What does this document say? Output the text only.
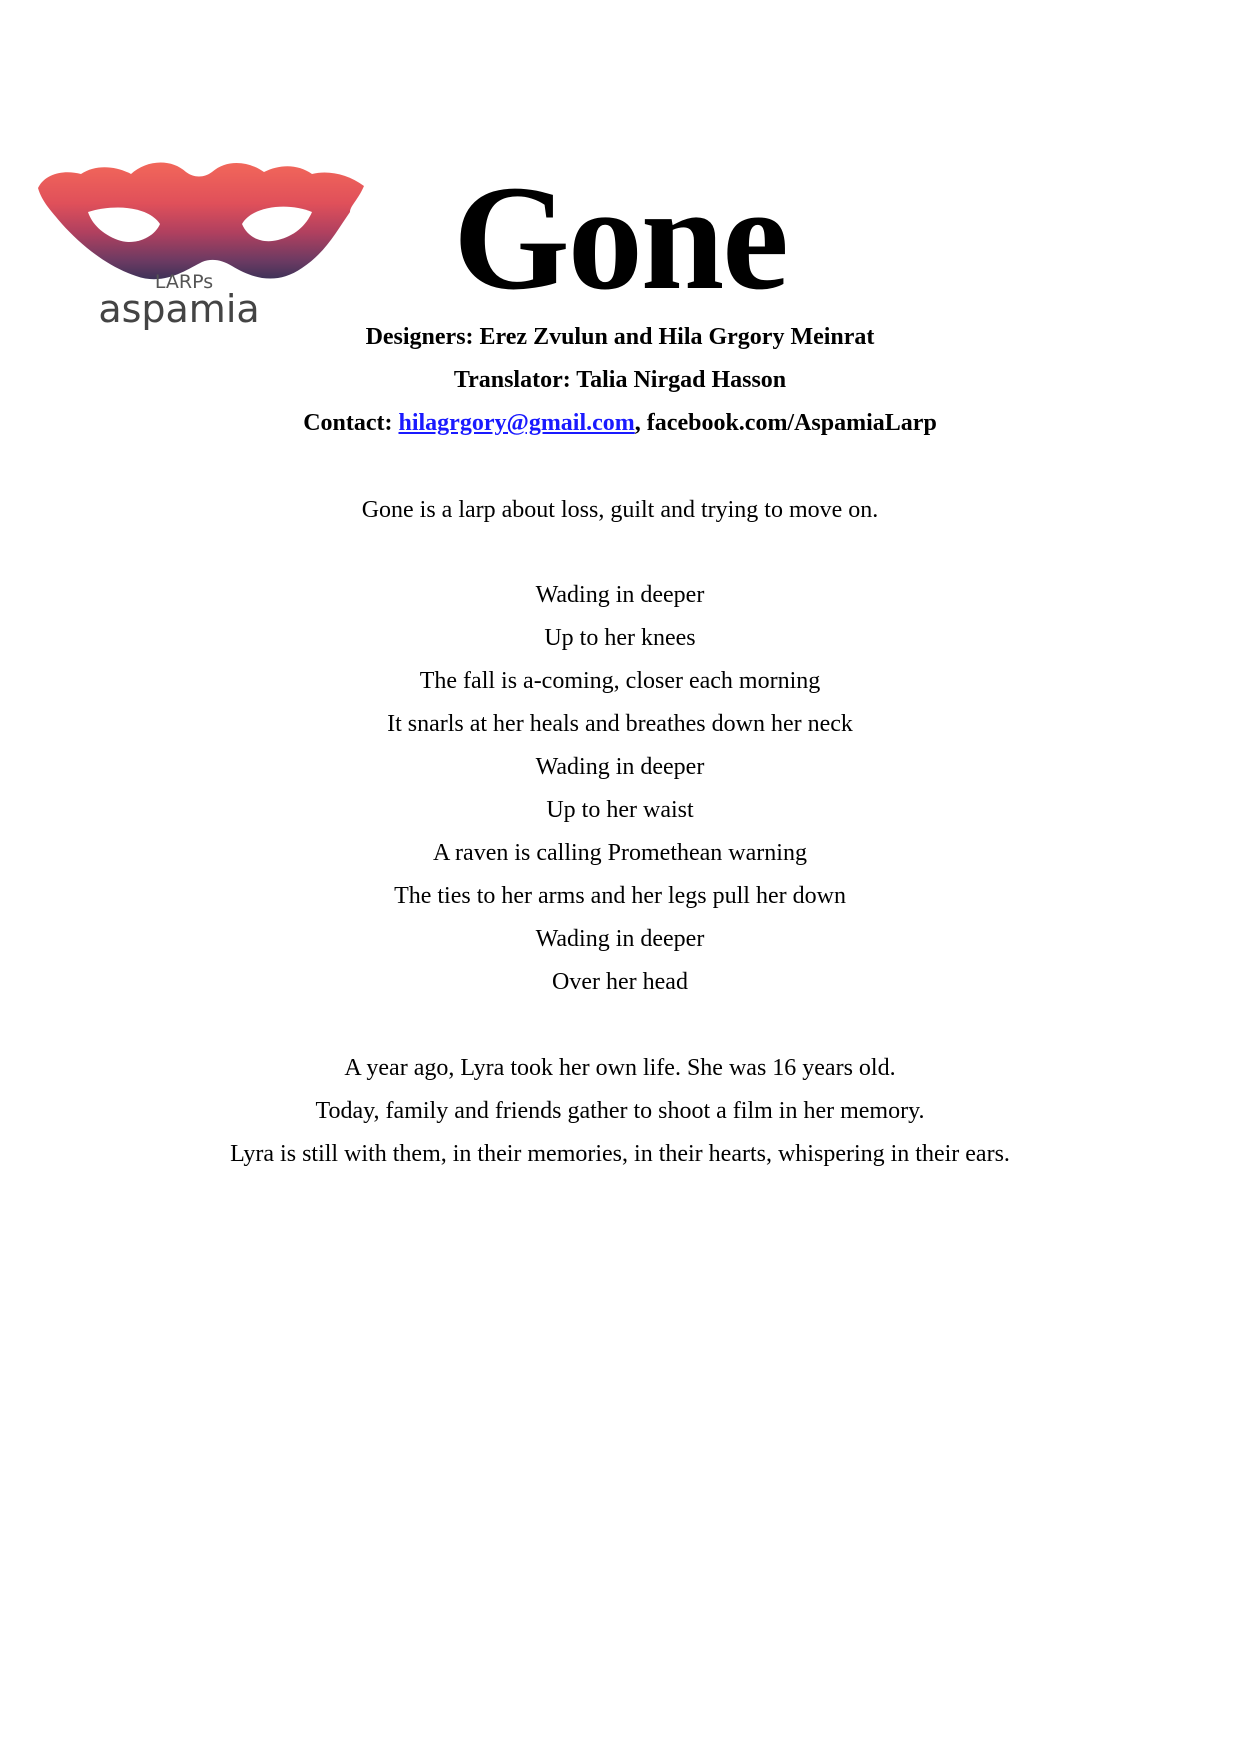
LARPs
aspamia	Gone
Designers: Erez Zvulun and Hila Grgory Meinrat
Translator: Talia Nirgad Hasson
Contact: hilagrgory@gmail.com, facebook.com/AspamiaLarp
Gone is a larp about loss, guilt and trying to move on.
Wading in deeper
Up to her knees
The fall is a-coming, closer each morning
It snarls at her heals and breathes down her neck
Wading in deeper
Up to her waist
A raven is calling Promethean warning
The ties to her arms and her legs pull her down
Wading in deeper
Over her head
A year ago, Lyra took her own life. She was 16 years old.
Today, family and friends gather to shoot a film in her memory.
Lyra is still with them, in their memories, in their hearts, whispering in their ears.
